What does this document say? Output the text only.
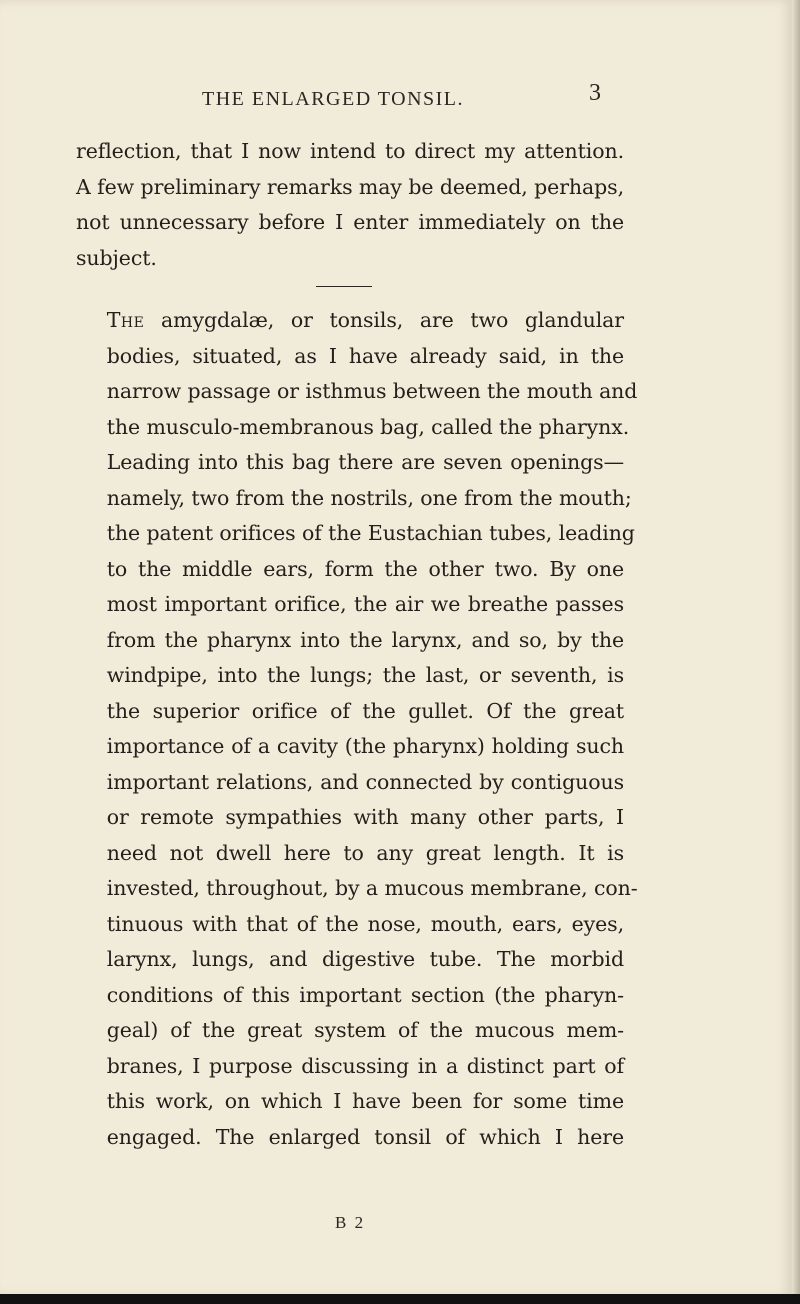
THE ENLARGED TONSIL.	3

reflection, that I now intend to direct my attention.
A few preliminary remarks may be deemed, perhaps,
not unnecessary before I enter immediately on the
subject.

The amygdalæ, or tonsils, are two glandular
bodies, situated, as I have already said, in the
narrow passage or isthmus between the mouth and
the musculo-membranous bag, called the pharynx.
Leading into this bag there are seven openings—
namely, two from the nostrils, one from the mouth;
the patent orifices of the Eustachian tubes, leading
to the middle ears, form the other two. By one
most important orifice, the air we breathe passes
from the pharynx into the larynx, and so, by the
windpipe, into the lungs; the last, or seventh, is
the superior orifice of the gullet. Of the great
importance of a cavity (the pharynx) holding such
important relations, and connected by contiguous
or remote sympathies with many other parts, I
need not dwell here to any great length. It is
invested, throughout, by a mucous membrane, con-
tinuous with that of the nose, mouth, ears, eyes,
larynx, lungs, and digestive tube. The morbid
conditions of this important section (the pharyn-
geal) of the great system of the mucous mem-
branes, I purpose discussing in a distinct part of
this work, on which I have been for some time
engaged. The enlarged tonsil of which I here

B 2
